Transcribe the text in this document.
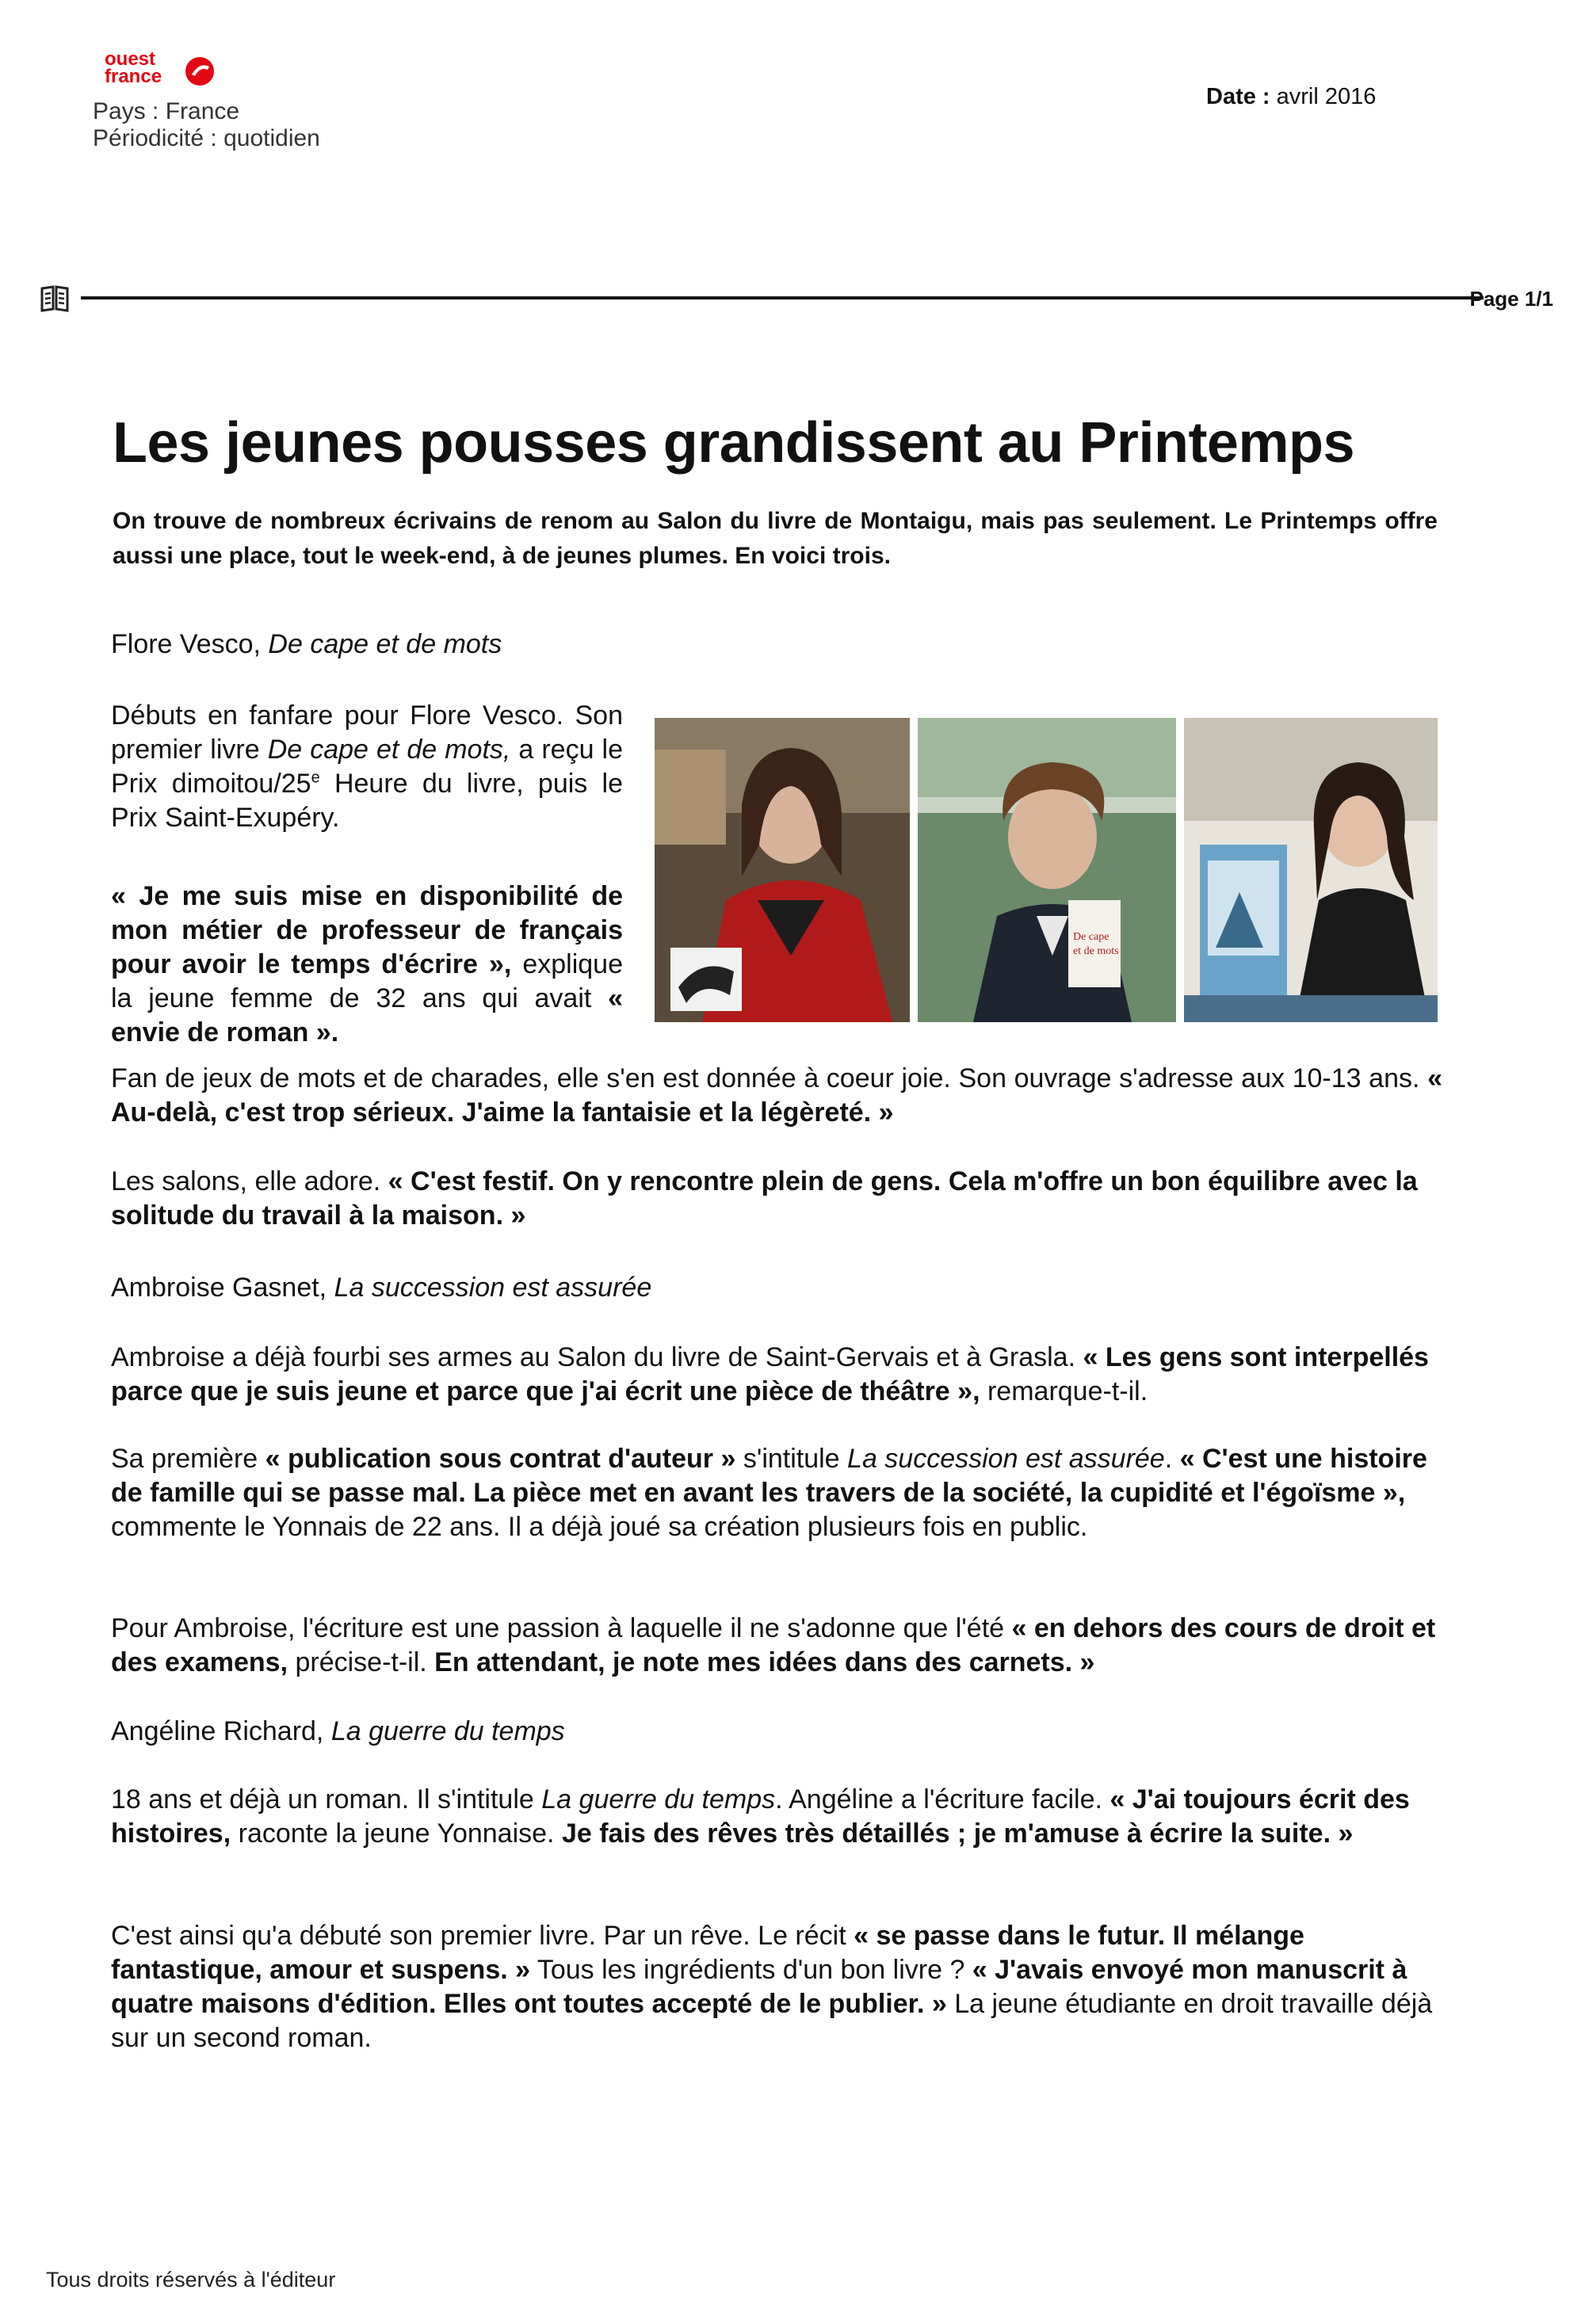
ouest
france
Pays : France
Périodicité : quotidien
Date : avril 2016
Page 1/1
Les jeunes pousses grandissent au Printemps

On trouve de nombreux écrivains de renom au Salon du livre de Montaigu, mais pas seulement. Le Printemps offre aussi une place, tout le week-end, à de jeunes plumes. En voici trois.

Flore Vesco, De cape et de mots

Débuts en fanfare pour Flore Vesco. Son premier livre De cape et de mots, a reçu le Prix dimoitou/25e Heure du livre, puis le Prix Saint-Exupéry.

« Je me suis mise en disponibilité de mon métier de professeur de français pour avoir le temps d'écrire », explique la jeune femme de 32 ans qui avait « envie de roman ».

De cape
et de mots

Fan de jeux de mots et de charades, elle s'en est donnée à coeur joie. Son ouvrage s'adresse aux 10-13 ans. « Au-delà, c'est trop sérieux. J'aime la fantaisie et la légèreté. »

Les salons, elle adore. « C'est festif. On y rencontre plein de gens. Cela m'offre un bon équilibre avec la solitude du travail à la maison. »

Ambroise Gasnet, La succession est assurée

Ambroise a déjà fourbi ses armes au Salon du livre de Saint-Gervais et à Grasla. « Les gens sont interpellés parce que je suis jeune et parce que j'ai écrit une pièce de théâtre », remarque-t-il.

Sa première « publication sous contrat d'auteur » s'intitule La succession est assurée. « C'est une histoire de famille qui se passe mal. La pièce met en avant les travers de la société, la cupidité et l'égoïsme », commente le Yonnais de 22 ans. Il a déjà joué sa création plusieurs fois en public.

Pour Ambroise, l'écriture est une passion à laquelle il ne s'adonne que l'été « en dehors des cours de droit et des examens, précise-t-il. En attendant, je note mes idées dans des carnets. »

Angéline Richard, La guerre du temps

18 ans et déjà un roman. Il s'intitule La guerre du temps. Angéline a l'écriture facile. « J'ai toujours écrit des histoires, raconte la jeune Yonnaise. Je fais des rêves très détaillés ; je m'amuse à écrire la suite. »

C'est ainsi qu'a débuté son premier livre. Par un rêve. Le récit « se passe dans le futur. Il mélange fantastique, amour et suspens. » Tous les ingrédients d'un bon livre ? « J'avais envoyé mon manuscrit à quatre maisons d'édition. Elles ont toutes accepté de le publier. » La jeune étudiante en droit travaille déjà sur un second roman.

Tous droits réservés à l'éditeur
